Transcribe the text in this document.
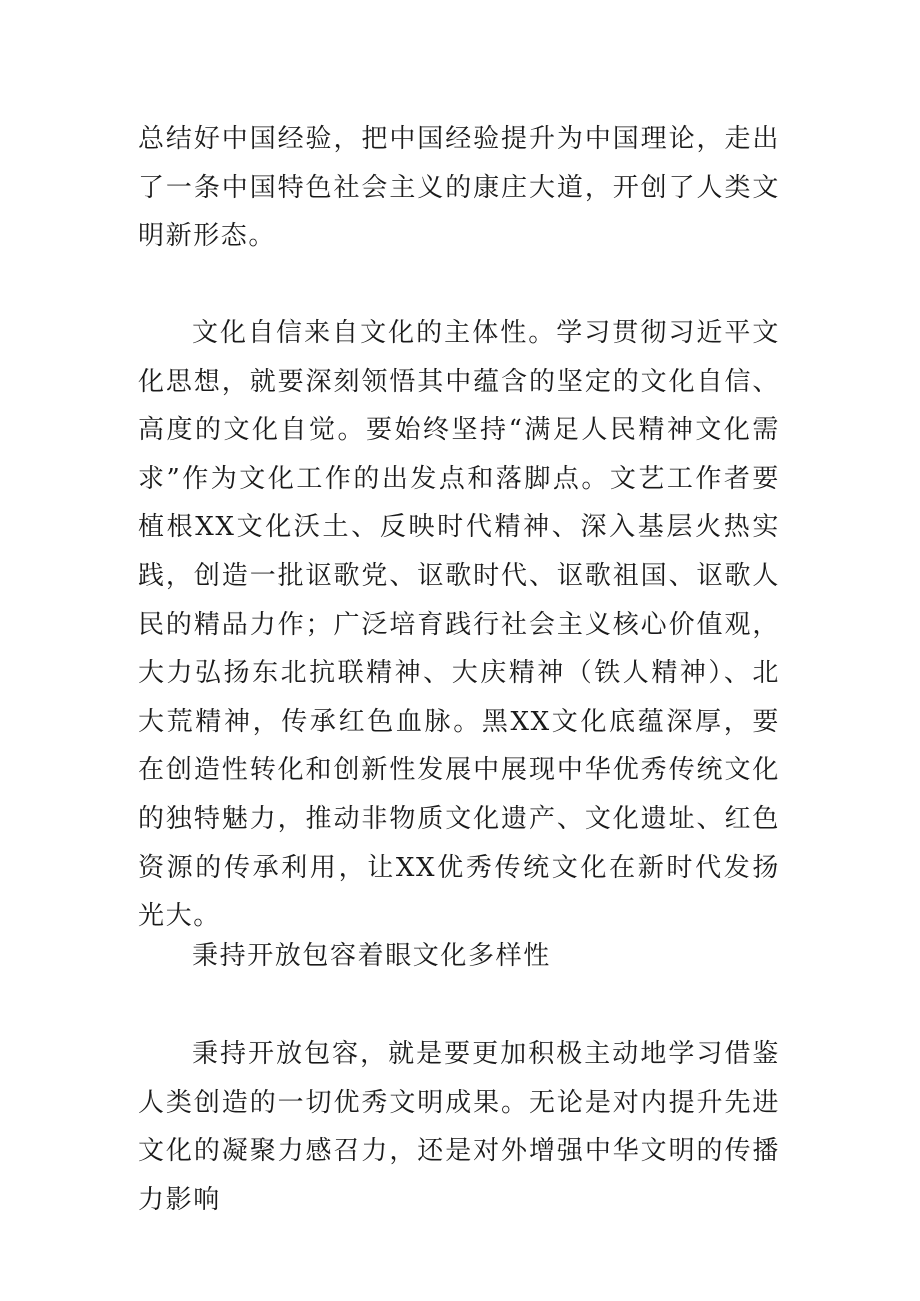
总结好中国经验，把中国经验提升为中国理论，走出了一条中国特色社会主义的康庄大道，开创了人类文明新形态。

文化自信来自文化的主体性。学习贯彻习近平文化思想，就要深刻领悟其中蕴含的坚定的文化自信、高度的文化自觉。要始终坚持“满足人民精神文化需求”作为文化工作的出发点和落脚点。文艺工作者要植根XX文化沃土、反映时代精神、深入基层火热实践，创造一批讴歌党、讴歌时代、讴歌祖国、讴歌人民的精品力作；广泛培育践行社会主义核心价值观，大力弘扬东北抗联精神、大庆精神（铁人精神）、北大荒精神，传承红色血脉。黑XX文化底蕴深厚，要在创造性转化和创新性发展中展现中华优秀传统文化的独特魅力，推动非物质文化遗产、文化遗址、红色资源的传承利用，让XX优秀传统文化在新时代发扬光大。

秉持开放包容着眼文化多样性

秉持开放包容，就是要更加积极主动地学习借鉴人类创造的一切优秀文明成果。无论是对内提升先进文化的凝聚力感召力，还是对外增强中华文明的传播力影响
